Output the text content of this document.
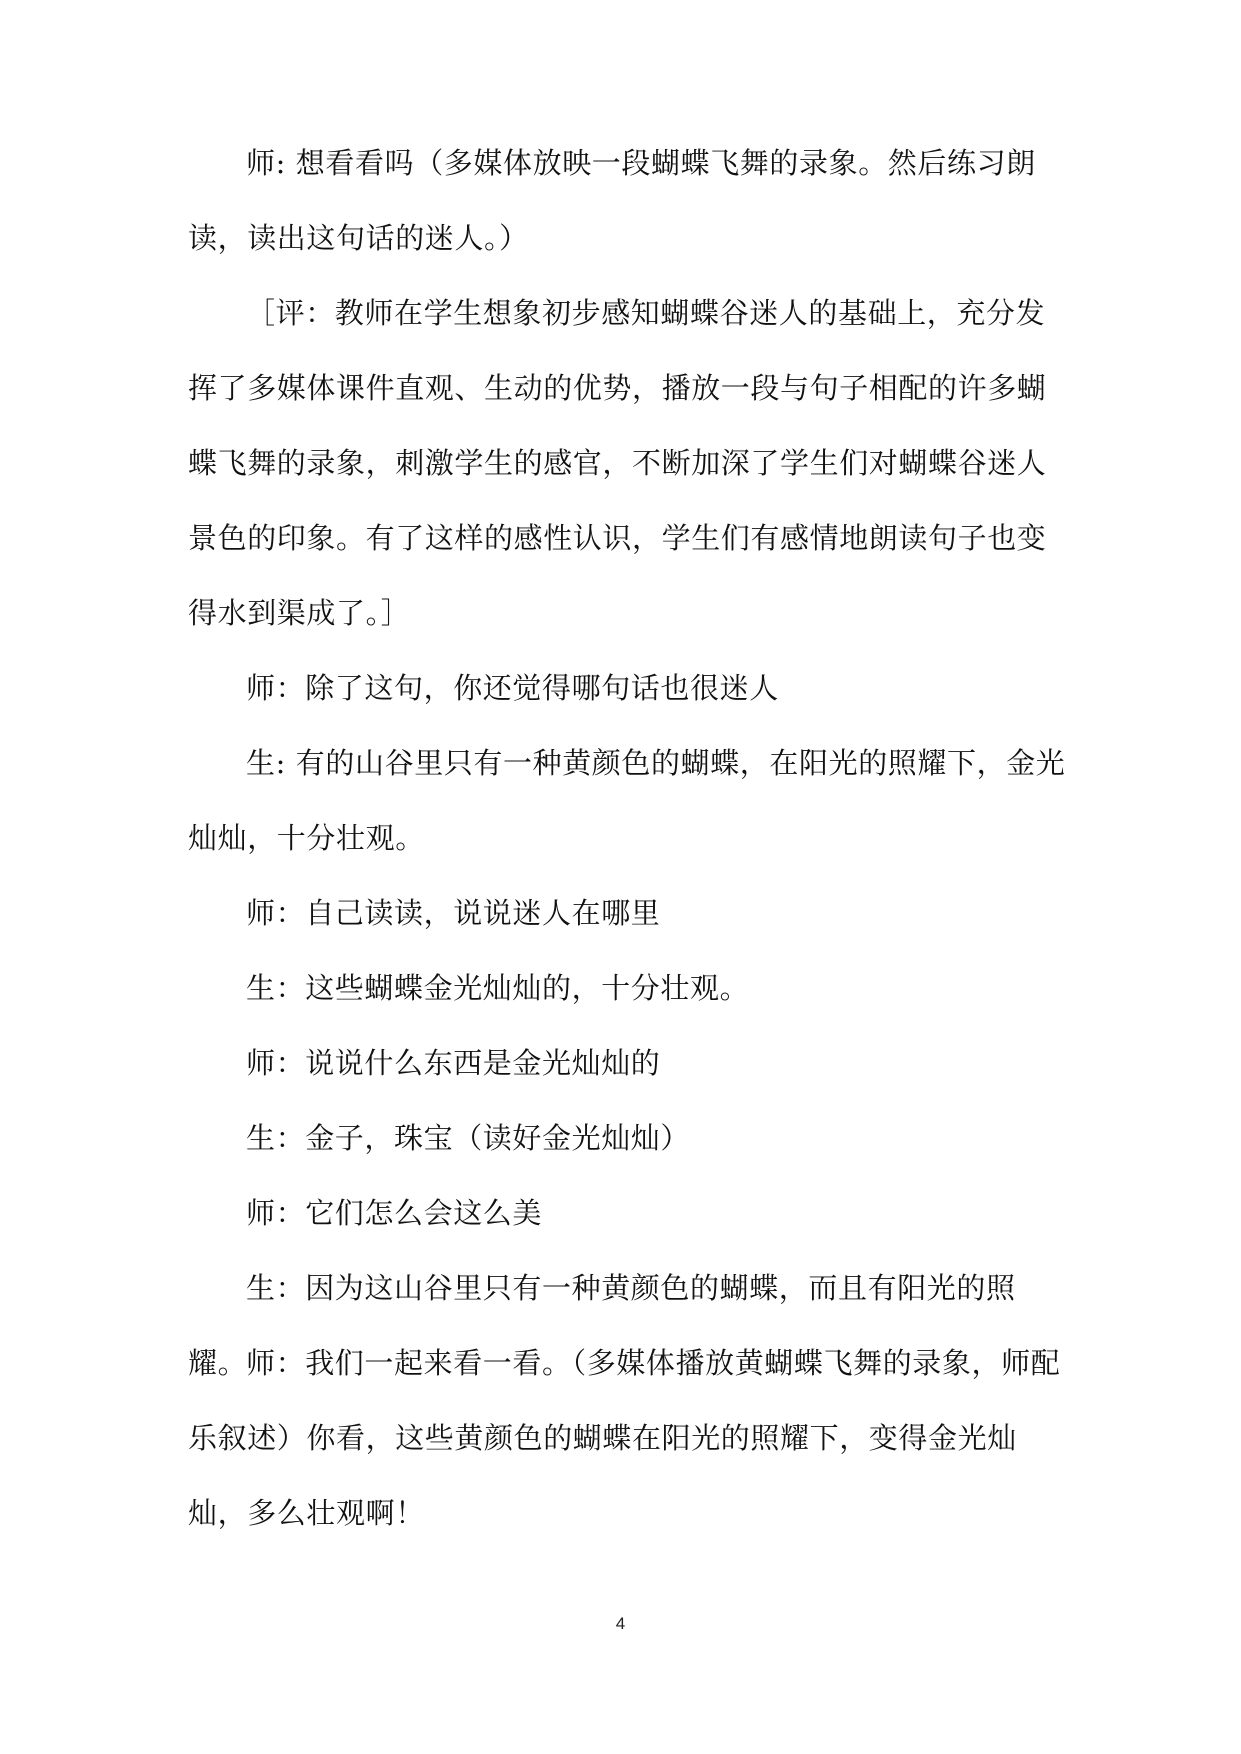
师: 想看看吗（多媒体放映一段蝴蝶飞舞的录象。然后练习朗读，读出这句话的迷人。）

［评：教师在学生想象初步感知蝴蝶谷迷人的基础上，充分发挥了多媒体课件直观、生动的优势，播放一段与句子相配的许多蝴蝶飞舞的录象，刺激学生的感官，不断加深了学生们对蝴蝶谷迷人景色的印象。有了这样的感性认识，学生们有感情地朗读句子也变得水到渠成了。］

师：除了这句，你还觉得哪句话也很迷人

生: 有的山谷里只有一种黄颜色的蝴蝶，在阳光的照耀下，金光灿灿，十分壮观。

师：自己读读，说说迷人在哪里

生：这些蝴蝶金光灿灿的，十分壮观。

师：说说什么东西是金光灿灿的

生：金子，珠宝（读好金光灿灿）

师：它们怎么会这么美

生：因为这山谷里只有一种黄颜色的蝴蝶，而且有阳光的照耀。

师：我们一起来看一看。（多媒体播放黄蝴蝶飞舞的录象，师配乐叙述）你看，这些黄颜色的蝴蝶在阳光的照耀下，变得金光灿灿，多么壮观啊！

4
